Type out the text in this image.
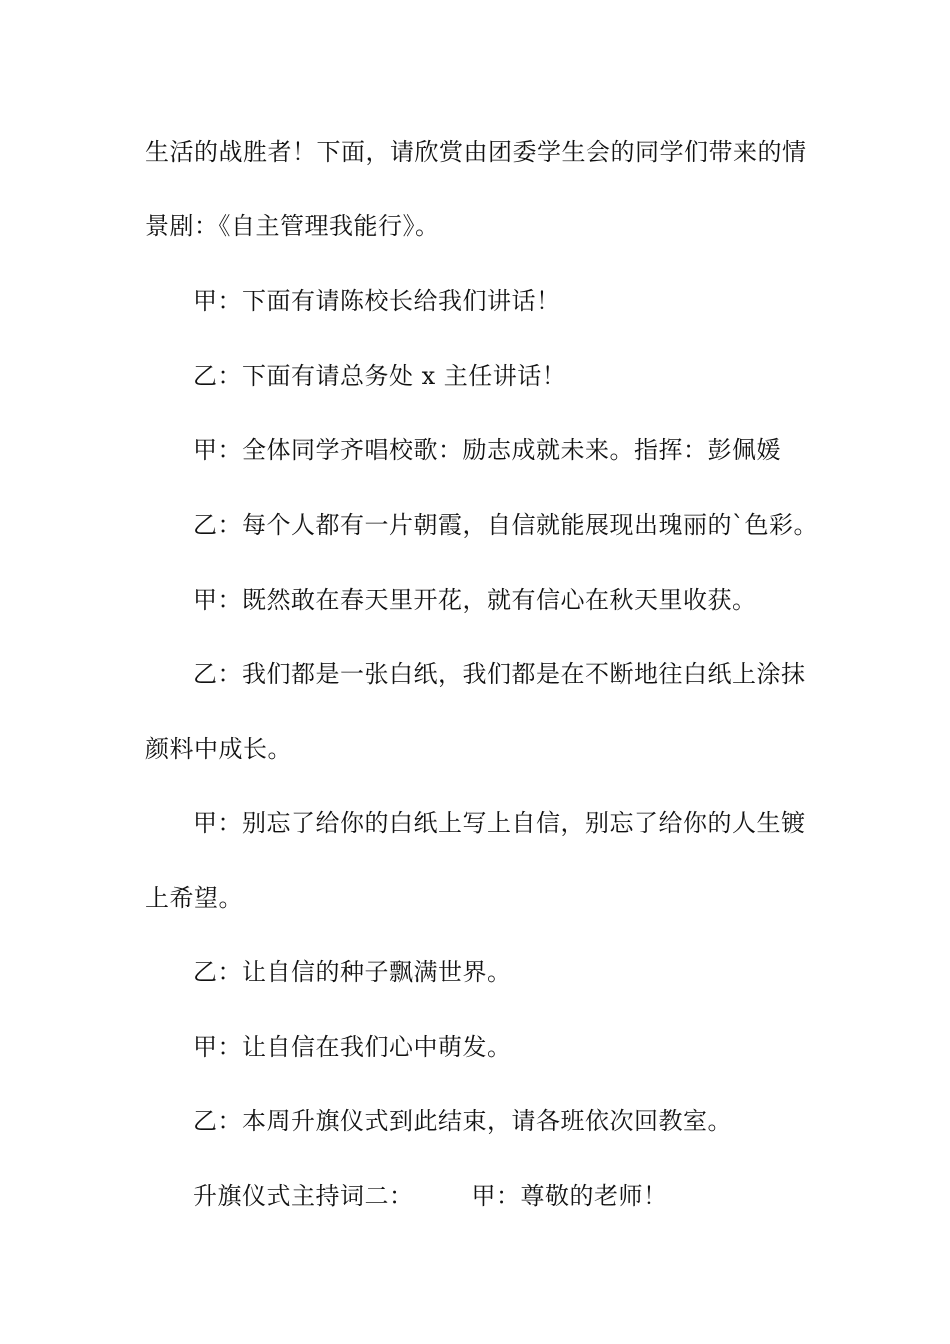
生活的战胜者！下面，请欣赏由团委学生会的同学们带来的情
景剧：《自主管理我能行》。
甲：下面有请陈校长给我们讲话！
乙：下面有请总务处 x 主任讲话！
甲：全体同学齐唱校歌：励志成就未来。指挥：彭佩媛
乙：每个人都有一片朝霞，自信就能展现出瑰丽的`色彩。
甲：既然敢在春天里开花，就有信心在秋天里收获。
乙：我们都是一张白纸，我们都是在不断地往白纸上涂抹
颜料中成长。
甲：别忘了给你的白纸上写上自信，别忘了给你的人生镀
上希望。
乙：让自信的种子飘满世界。
甲：让自信在我们心中萌发。
乙：本周升旗仪式到此结束，请各班依次回教室。
升旗仪式主持词二： 甲：尊敬的老师！
